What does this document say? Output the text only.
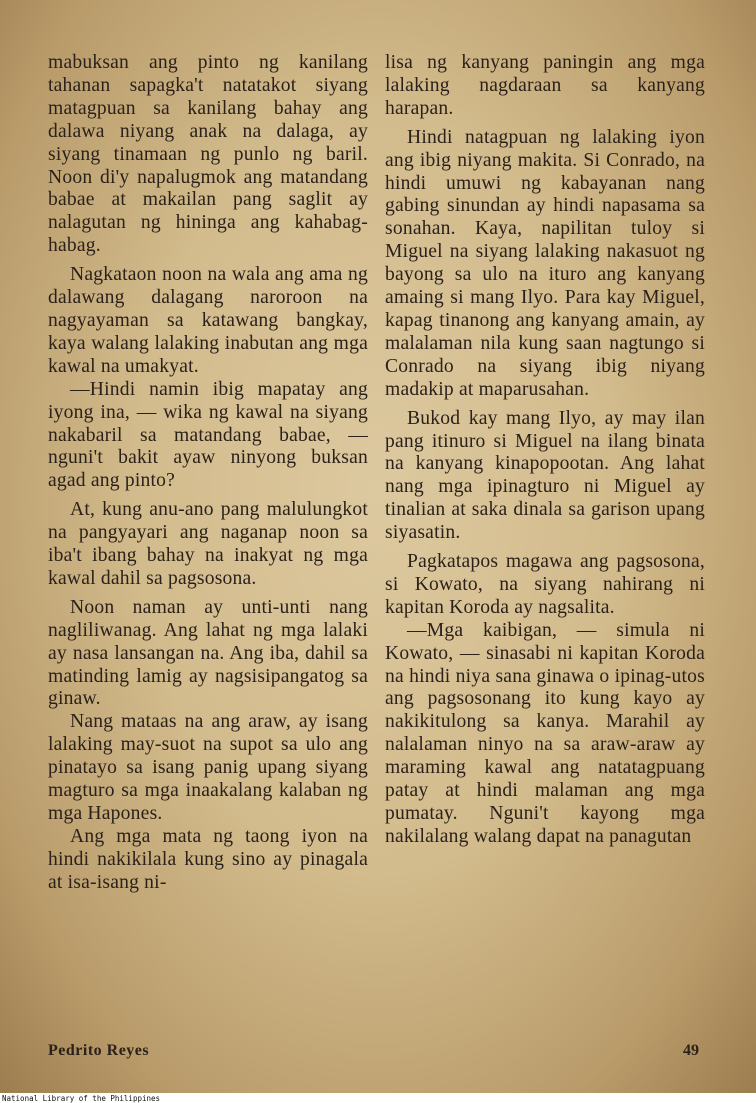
mabuksan ang pinto ng kanilang tahanan sapagka't natatakot siyang matagpuan sa kanilang bahay ang dalawa niyang anak na dalaga, ay siyang tinamaan ng punlo ng baril. Noon di'y napalugmok ang matandang babae at makailan pang saglit ay nalagutan ng hininga ang kahabag-habag.

Nagkataon noon na wala ang ama ng dalawang dalagang naroroon na nagyayaman sa katawang bangkay, kaya walang lalaking inabutan ang mga kawal na umakyat.

—Hindi namin ibig mapatay ang iyong ina, — wika ng kawal na siyang nakabaril sa matandang babae, — nguni't bakit ayaw ninyong buksan agad ang pinto?

At, kung anu-ano pang malulungkot na pangyayari ang naganap noon sa iba't ibang bahay na inakyat ng mga kawal dahil sa pagsosona.

Noon naman ay unti-unti nang nagliliwanag. Ang lahat ng mga lalaki ay nasa lansangan na. Ang iba, dahil sa matinding lamig ay nagsisipangatog sa ginaw.

Nang mataas na ang araw, ay isang lalaking may-suot na supot sa ulo ang pinatayo sa isang panig upang siyang magturo sa mga inaakalang kalaban ng mga Hapones.

Ang mga mata ng taong iyon na hindi nakikilala kung sino ay pinagala at isa-isang ni-

lisa ng kanyang paningin ang mga lalaking nagdaraan sa kanyang harapan.

Hindi natagpuan ng lalaking iyon ang ibig niyang makita. Si Conrado, na hindi umuwi ng kabayanan nang gabing sinundan ay hindi napasama sa sonahan. Kaya, napilitan tuloy si Miguel na siyang lalaking nakasuot ng bayong sa ulo na ituro ang kanyang amaing si mang Ilyo. Para kay Miguel, kapag tinanong ang kanyang amain, ay malalaman nila kung saan nagtungo si Conrado na siyang ibig niyang madakip at maparusahan.

Bukod kay mang Ilyo, ay may ilan pang itinuro si Miguel na ilang binata na kanyang kinapopootan. Ang lahat nang mga ipinagturo ni Miguel ay tinalian at saka dinala sa garison upang siyasatin.

Pagkatapos magawa ang pagsosona, si Kowato, na siyang nahirang ni kapitan Koroda ay nagsalita.

—Mga kaibigan, — simula ni Kowato, — sinasabi ni kapitan Koroda na hindi niya sana ginawa o ipinag-utos ang pagsosonang ito kung kayo ay nakikitulong sa kanya. Marahil ay nalalaman ninyo na sa araw-araw ay maraming kawal ang natatagpuang patay at hindi malaman ang mga pumatay. Nguni't kayong mga nakilalang walang dapat na panagutan

Pedrito Reyes	49
National Library of the Philippines
